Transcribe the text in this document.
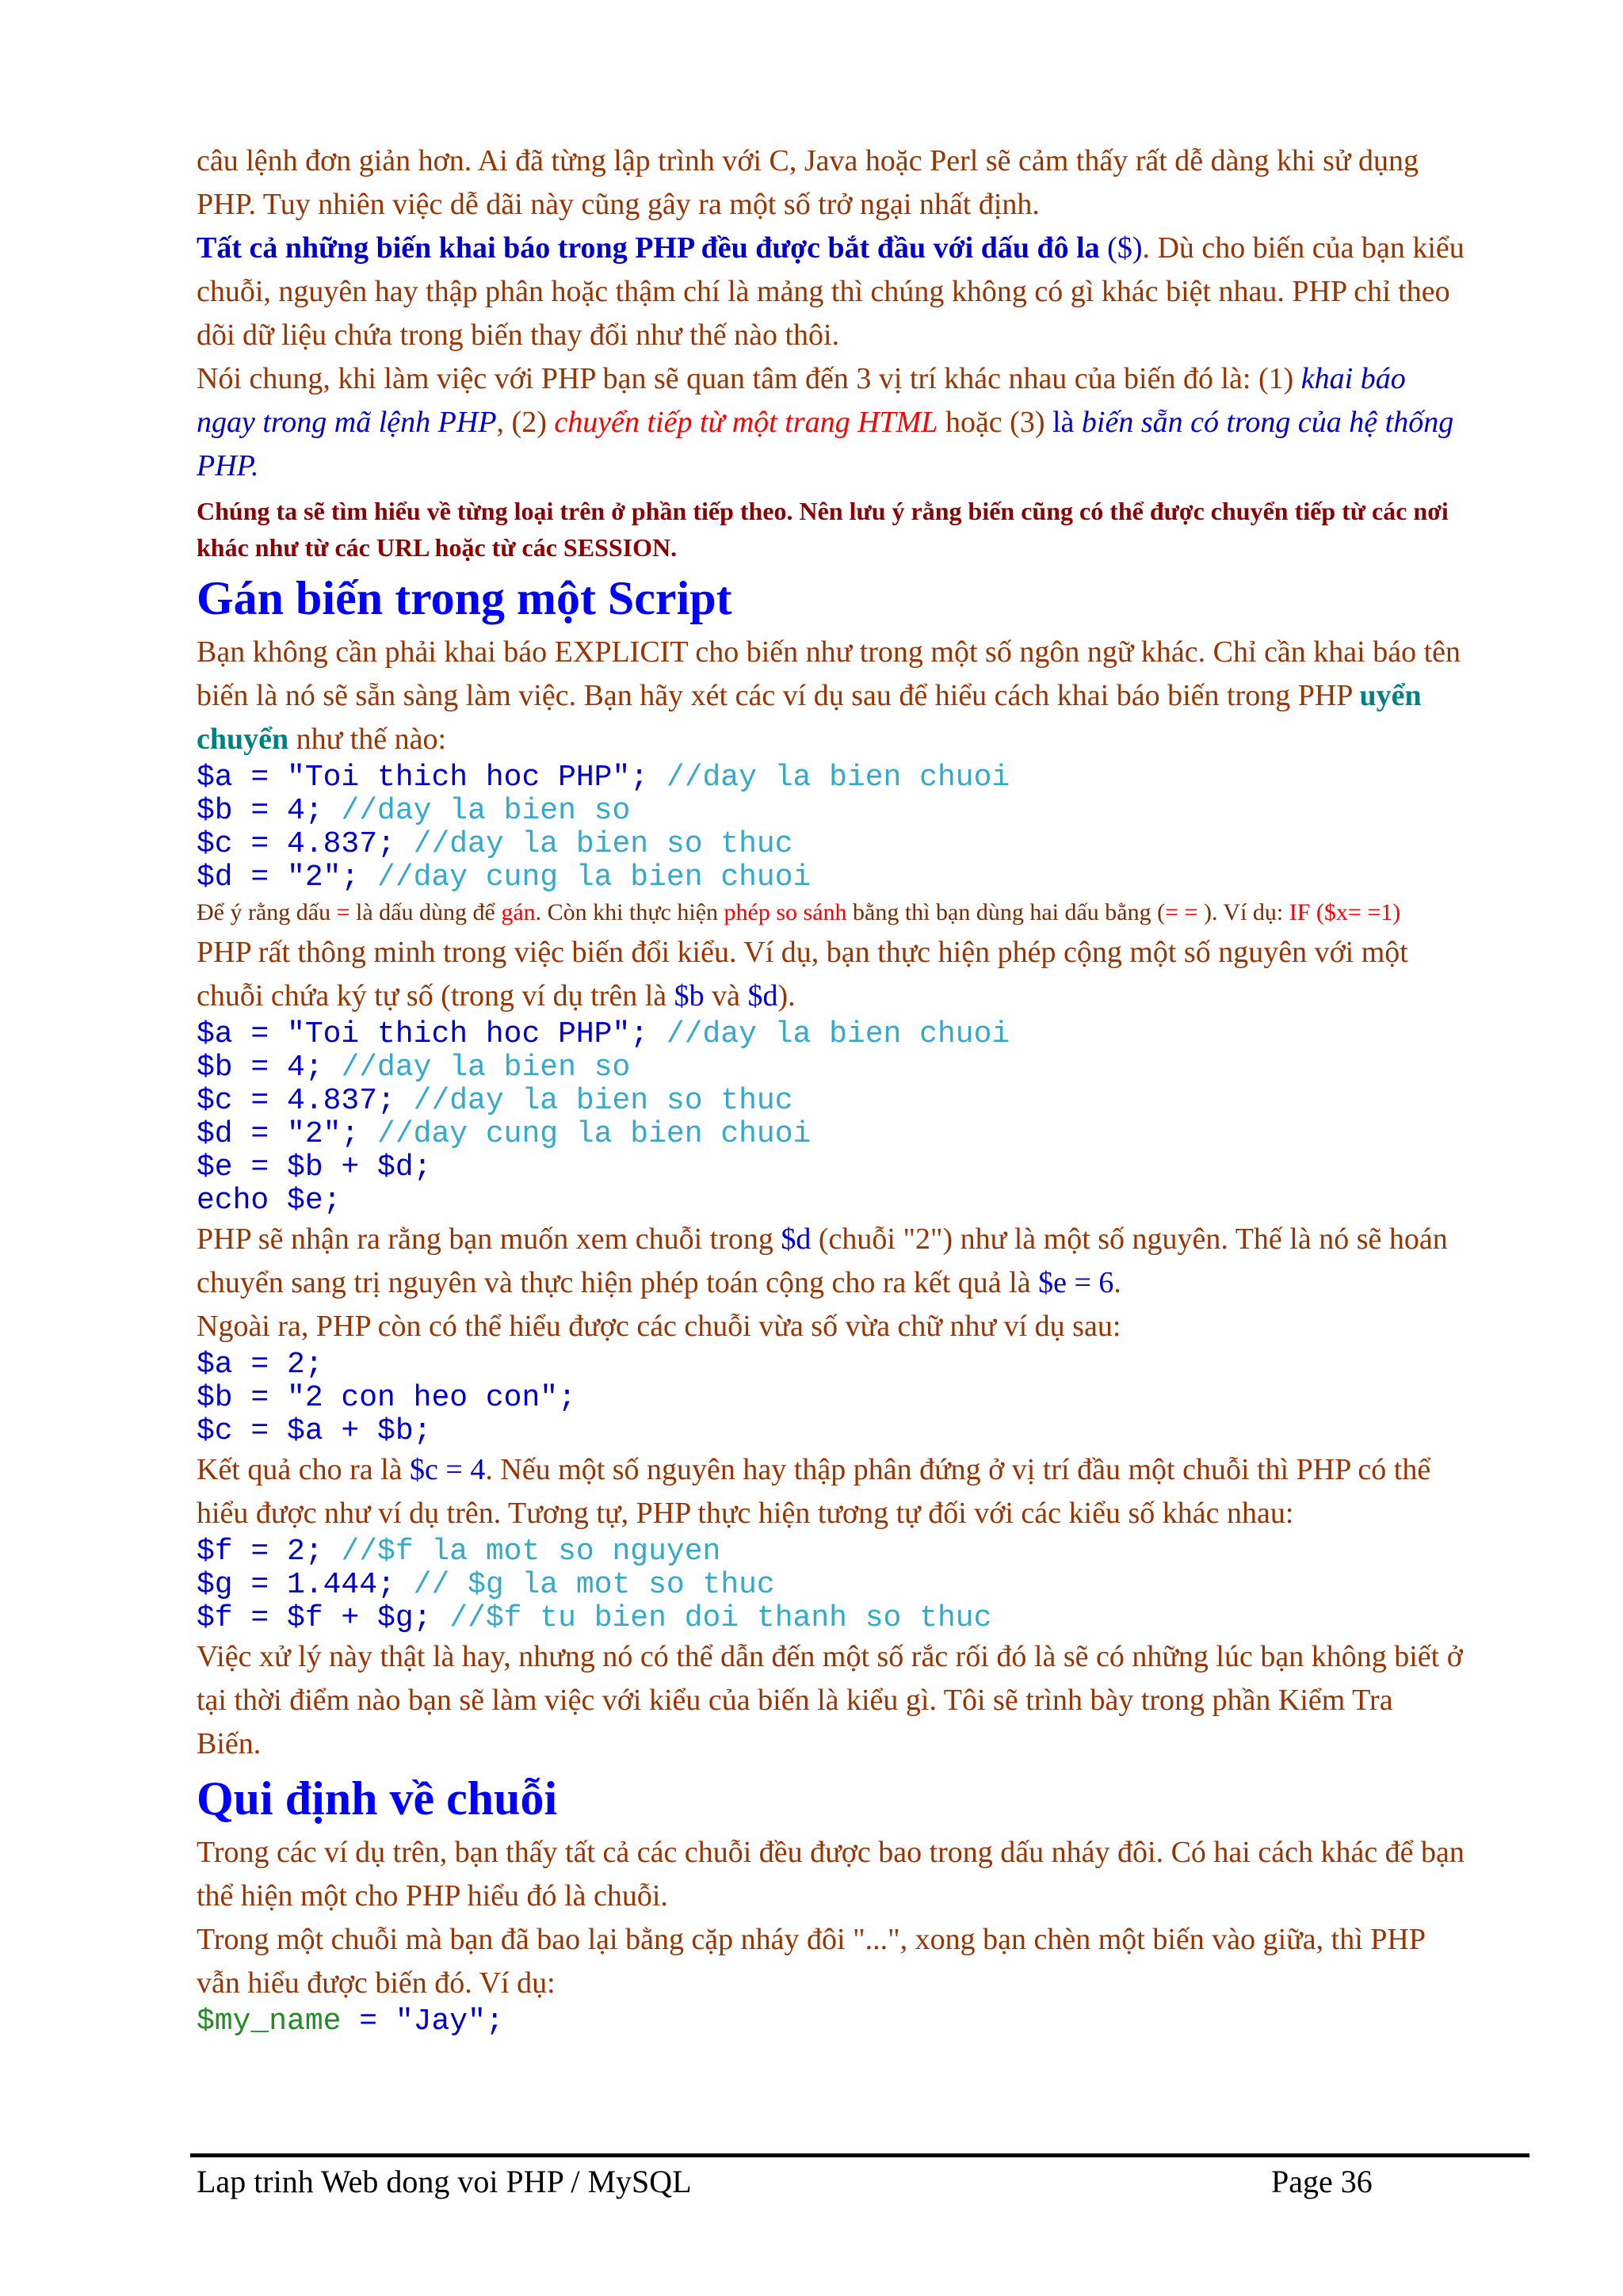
câu lệnh đơn giản hơn. Ai đã từng lập trình với C, Java hoặc Perl sẽ cảm thấy rất dễ dàng khi sử dụng PHP. Tuy nhiên việc dễ dãi này cũng gây ra một số trở ngại nhất định.

Tất cả những biến khai báo trong PHP đều được bắt đầu với dấu đô la ($). Dù cho biến của bạn kiểu chuỗi, nguyên hay thập phân hoặc thậm chí là mảng thì chúng không có gì khác biệt nhau. PHP chỉ theo dõi dữ liệu chứa trong biến thay đổi như thế nào thôi.

Nói chung, khi làm việc với PHP bạn sẽ quan tâm đến 3 vị trí khác nhau của biến đó là: (1) khai báo ngay trong mã lệnh PHP, (2) chuyển tiếp từ một trang HTML hoặc (3) là biến sẵn có trong của hệ thống PHP.

Chúng ta sẽ tìm hiểu về từng loại trên ở phần tiếp theo. Nên lưu ý rằng biến cũng có thể được chuyển tiếp từ các nơi khác như từ các URL hoặc từ các SESSION.

Gán biến trong một Script

Bạn không cần phải khai báo EXPLICIT cho biến như trong một số ngôn ngữ khác. Chỉ cần khai báo tên biến là nó sẽ sẵn sàng làm việc. Bạn hãy xét các ví dụ sau để hiểu cách khai báo biến trong PHP uyển chuyển như thế nào:

$a = "Toi thich hoc PHP"; //day la bien chuoi
$b = 4; //day la bien so
$c = 4.837; //day la bien so thuc
$d = "2"; //day cung la bien chuoi

Để ý rằng dấu = là dấu dùng để gán. Còn khi thực hiện phép so sánh bằng thì bạn dùng hai dấu bằng (= = ). Ví dụ: IF ($x= =1)

PHP rất thông minh trong việc biến đổi kiểu. Ví dụ, bạn thực hiện phép cộng một số nguyên với một chuỗi chứa ký tự số (trong ví dụ trên là $b và $d).

$a = "Toi thich hoc PHP"; //day la bien chuoi
$b = 4; //day la bien so
$c = 4.837; //day la bien so thuc
$d = "2"; //day cung la bien chuoi
$e = $b + $d;
echo $e;

PHP sẽ nhận ra rằng bạn muốn xem chuỗi trong $d (chuỗi "2") như là một số nguyên. Thế là nó sẽ hoán chuyển sang trị nguyên và thực hiện phép toán cộng cho ra kết quả là $e = 6.
Ngoài ra, PHP còn có thể hiểu được các chuỗi vừa số vừa chữ như ví dụ sau:

$a = 2;
$b = "2 con heo con";
$c = $a + $b;

Kết quả cho ra là $c = 4. Nếu một số nguyên hay thập phân đứng ở vị trí đầu một chuỗi thì PHP có thể hiểu được như ví dụ trên. Tương tự, PHP thực hiện tương tự đối với các kiểu số khác nhau:

$f = 2; //$f la mot so nguyen
$g = 1.444; // $g la mot so thuc
$f = $f + $g; //$f tu bien doi thanh so thuc

Việc xử lý này thật là hay, nhưng nó có thể dẫn đến một số rắc rối đó là sẽ có những lúc bạn không biết ở tại thời điểm nào bạn sẽ làm việc với kiểu của biến là kiểu gì. Tôi sẽ trình bày trong phần Kiểm Tra Biến.

Qui định về chuỗi

Trong các ví dụ trên, bạn thấy tất cả các chuỗi đều được bao trong dấu nháy đôi. Có hai cách khác để bạn thể hiện một cho PHP hiểu đó là chuỗi.

Trong một chuỗi mà bạn đã bao lại bằng cặp nháy đôi "...", xong bạn chèn một biến vào giữa, thì PHP vẫn hiểu được biến đó. Ví dụ:

$my_name = "Jay";
Lap trinh Web dong voi PHP / MySQL	Page 36
